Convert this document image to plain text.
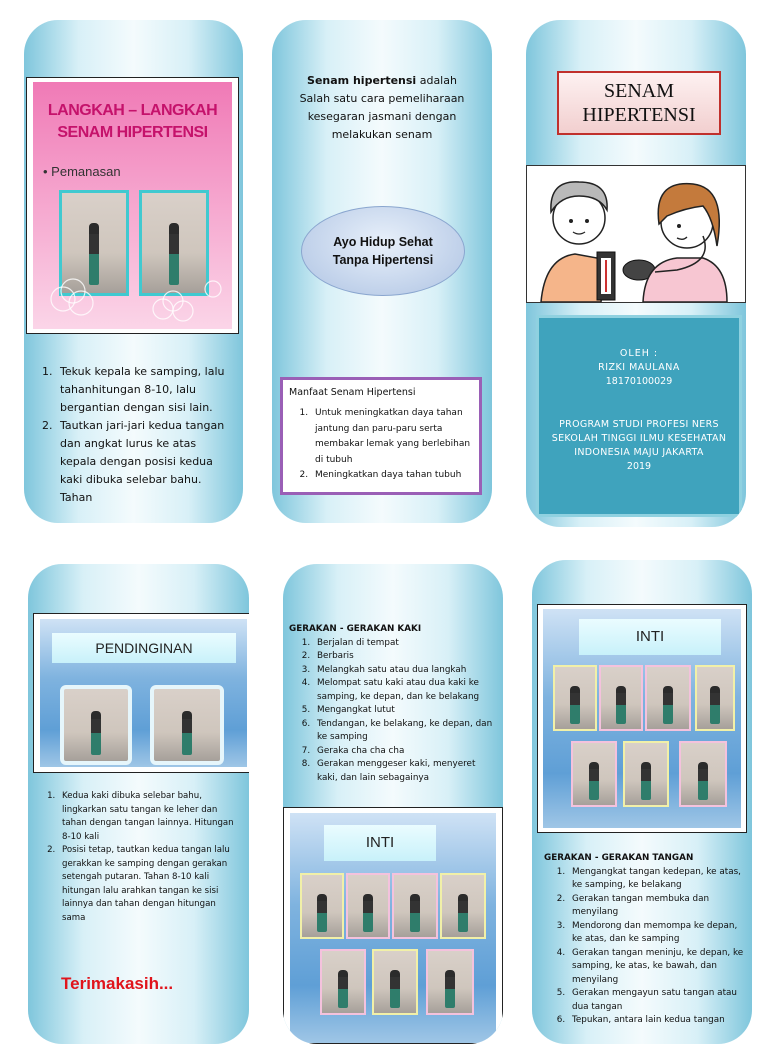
LANGKAH – LANGKAH SENAM HIPERTENSI
• Pemanasan
1. Tekuk kepala ke samping, lalu tahanhitungan 8-10, lalu bergantian dengan sisi lain.
2. Tautkan jari-jari kedua tangan dan angkat lurus ke atas kepala dengan posisi kedua kaki dibuka selebar bahu. Tahan
Senam hipertensi adalah Salah satu cara pemeliharaan kesegaran jasmani dengan melakukan senam
Ayo Hidup Sehat Tanpa Hipertensi
Manfaat Senam Hipertensi
1. Untuk meningkatkan daya tahan jantung dan paru-paru serta membakar lemak yang berlebihan di tubuh
2. Meningkatkan daya tahan tubuh
SENAM HIPERTENSI
OLEH :
RIZKI MAULANA
18170100029
PROGRAM STUDI PROFESI NERS SEKOLAH TINGGI ILMU KESEHATAN INDONESIA MAJU JAKARTA
2019
PENDINGINAN
1. Kedua kaki dibuka selebar bahu, lingkarkan satu tangan ke leher dan tahan dengan tangan lainnya. Hitungan 8-10 kali
2. Posisi tetap, tautkan kedua tangan lalu gerakkan ke samping dengan gerakan setengah putaran. Tahan 8-10 kali hitungan lalu arahkan tangan ke sisi lainnya dan tahan dengan hitungan sama
Terimakasih...
GERAKAN - GERAKAN KAKI
1. Berjalan di tempat
2. Berbaris
3. Melangkah satu atau dua langkah
4. Melompat satu kaki atau dua kaki ke samping, ke depan, dan ke belakang
5. Mengangkat lutut
6. Tendangan, ke belakang, ke depan, dan ke samping
7. Geraka cha cha cha
8. Gerakan menggeser kaki, menyeret kaki, dan lain sebagainya
INTI
INTI
GERAKAN - GERAKAN TANGAN
1. Mengangkat tangan kedepan, ke atas, ke samping, ke belakang
2. Gerakan tangan membuka dan menyilang
3. Mendorong dan memompa ke depan, ke atas, dan ke samping
4. Gerakan tangan meninju, ke depan, ke samping, ke atas, ke bawah, dan menyilang
5. Gerakan mengayun satu tangan atau dua tangan
6. Tepukan, antara lain kedua tangan
